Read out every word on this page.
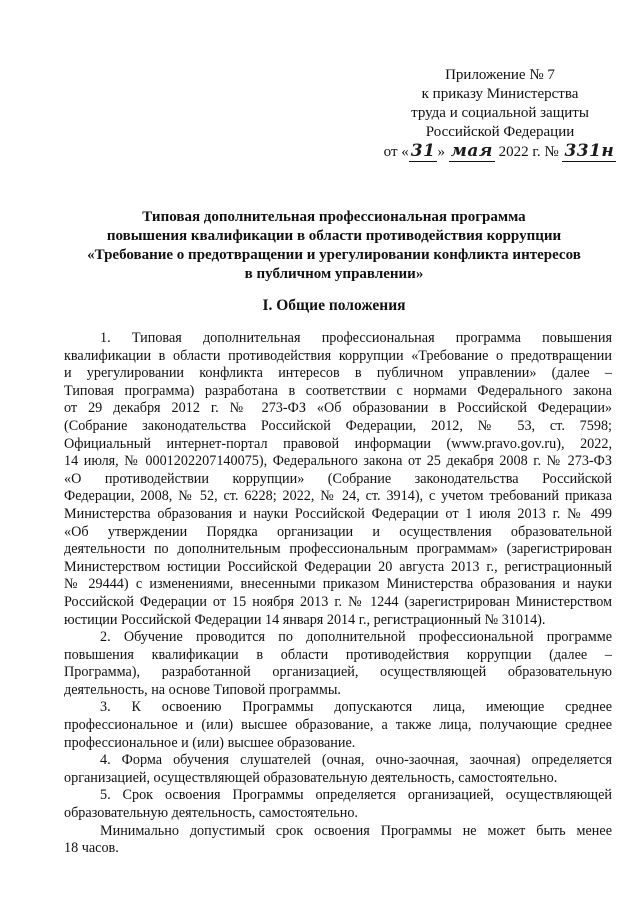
Приложение № 7
к приказу Министерства
труда и социальной защиты
Российской Федерации
от « 31 » мая 2022 г. № 331н
Типовая дополнительная профессиональная программа
повышения квалификации в области противодействия коррупции
«Требование о предотвращении и урегулировании конфликта интересов
в публичном управлении»
I. Общие положения
1. Типовая дополнительная профессиональная программа повышения
квалификации в области противодействия коррупции «Требование о предотвращении
и урегулировании конфликта интересов в публичном управлении» (далее –
Типовая программа) разработана в соответствии с нормами Федерального закона
от 29 декабря 2012 г. № 273-ФЗ «Об образовании в Российской Федерации»
(Собрание законодательства Российской Федерации, 2012, № 53, ст. 7598;
Официальный интернет-портал правовой информации (www.pravo.gov.ru), 2022,
14 июля, № 0001202207140075), Федерального закона от 25 декабря 2008 г. № 273-ФЗ
«О противодействии коррупции» (Собрание законодательства Российской
Федерации, 2008, № 52, ст. 6228; 2022, № 24, ст. 3914), с учетом требований приказа
Министерства образования и науки Российской Федерации от 1 июля 2013 г. № 499
«Об утверждении Порядка организации и осуществления образовательной
деятельности по дополнительным профессиональным программам» (зарегистрирован
Министерством юстиции Российской Федерации 20 августа 2013 г., регистрационный
№ 29444) с изменениями, внесенными приказом Министерства образования и науки
Российской Федерации от 15 ноября 2013 г. № 1244 (зарегистрирован Министерством
юстиции Российской Федерации 14 января 2014 г., регистрационный № 31014).
2. Обучение проводится по дополнительной профессиональной программе
повышения квалификации в области противодействия коррупции (далее –
Программа), разработанной организацией, осуществляющей образовательную
деятельность, на основе Типовой программы.
3. К освоению Программы допускаются лица, имеющие среднее
профессиональное и (или) высшее образование, а также лица, получающие среднее
профессиональное и (или) высшее образование.
4. Форма обучения слушателей (очная, очно-заочная, заочная) определяется
организацией, осуществляющей образовательную деятельность, самостоятельно.
5. Срок освоения Программы определяется организацией, осуществляющей
образовательную деятельность, самостоятельно.
Минимально допустимый срок освоения Программы не может быть менее
18 часов.
